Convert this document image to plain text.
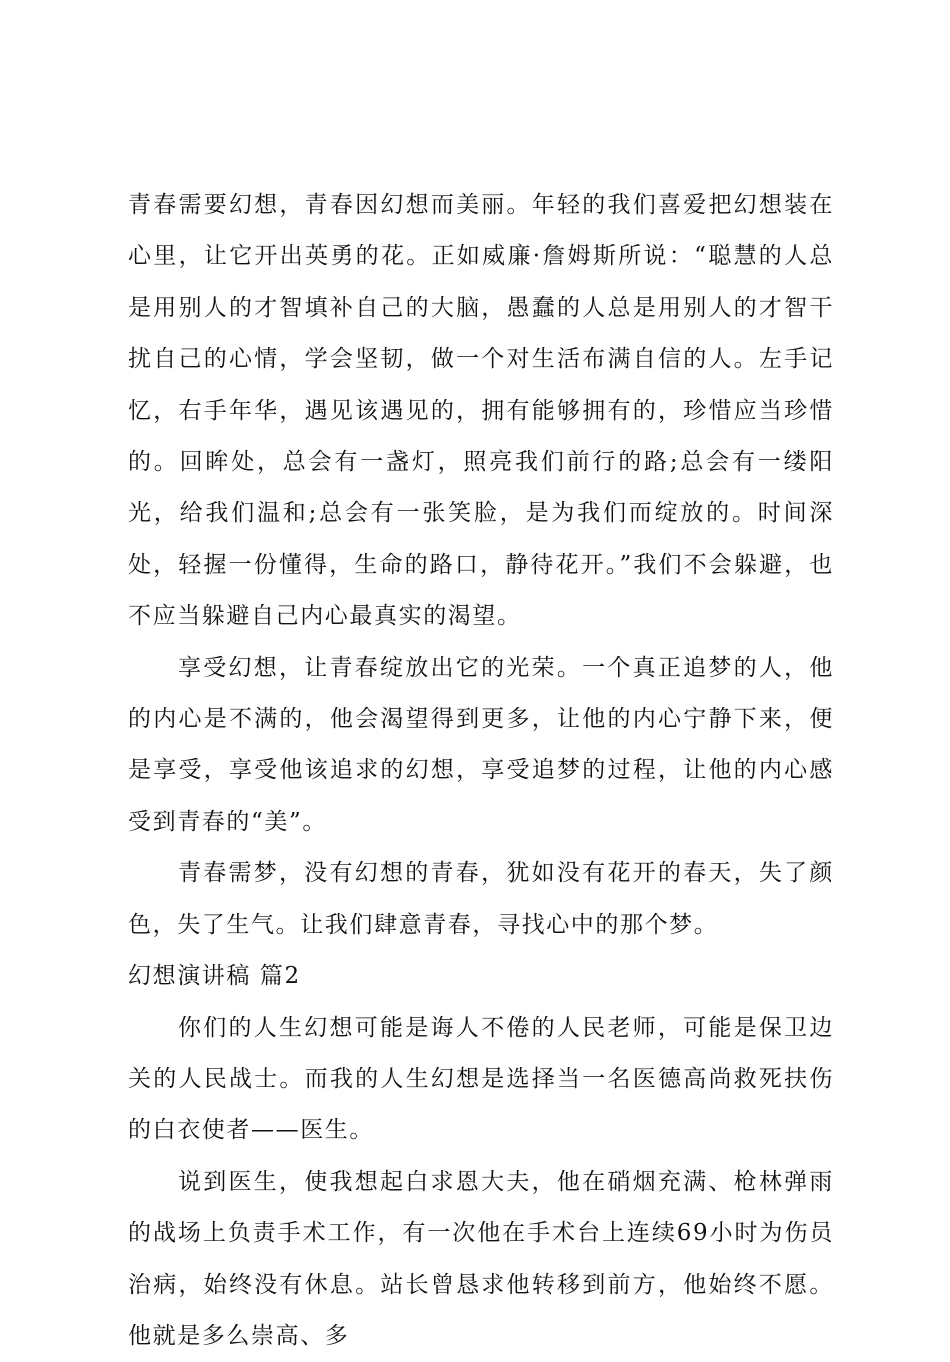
青春需要幻想，青春因幻想而美丽。年轻的我们喜爱把幻想装在心里，让它开出英勇的花。正如威廉·詹姆斯所说：“聪慧的人总是用别人的才智填补自己的大脑，愚蠢的人总是用别人的才智干扰自己的心情，学会坚韧，做一个对生活布满自信的人。左手记忆，右手年华，遇见该遇见的，拥有能够拥有的，珍惜应当珍惜的。回眸处，总会有一盏灯，照亮我们前行的路;总会有一缕阳光，给我们温和;总会有一张笑脸，是为我们而绽放的。时间深处，轻握一份懂得，生命的路口，静待花开。”我们不会躲避，也不应当躲避自己内心最真实的渴望。

享受幻想，让青春绽放出它的光荣。一个真正追梦的人，他的内心是不满的，他会渴望得到更多，让他的内心宁静下来，便是享受，享受他该追求的幻想，享受追梦的过程，让他的内心感受到青春的“美”。

青春需梦，没有幻想的青春，犹如没有花开的春天，失了颜色，失了生气。让我们肆意青春，寻找心中的那个梦。

幻想演讲稿 篇2

你们的人生幻想可能是诲人不倦的人民老师，可能是保卫边关的人民战士。而我的人生幻想是选择当一名医德高尚救死扶伤的白衣使者——医生。

说到医生，使我想起白求恩大夫，他在硝烟充满、枪林弹雨的战场上负责手术工作，有一次他在手术台上连续69小时为伤员治病，始终没有休息。站长曾恳求他转移到前方，他始终不愿。他就是多么崇高、多
